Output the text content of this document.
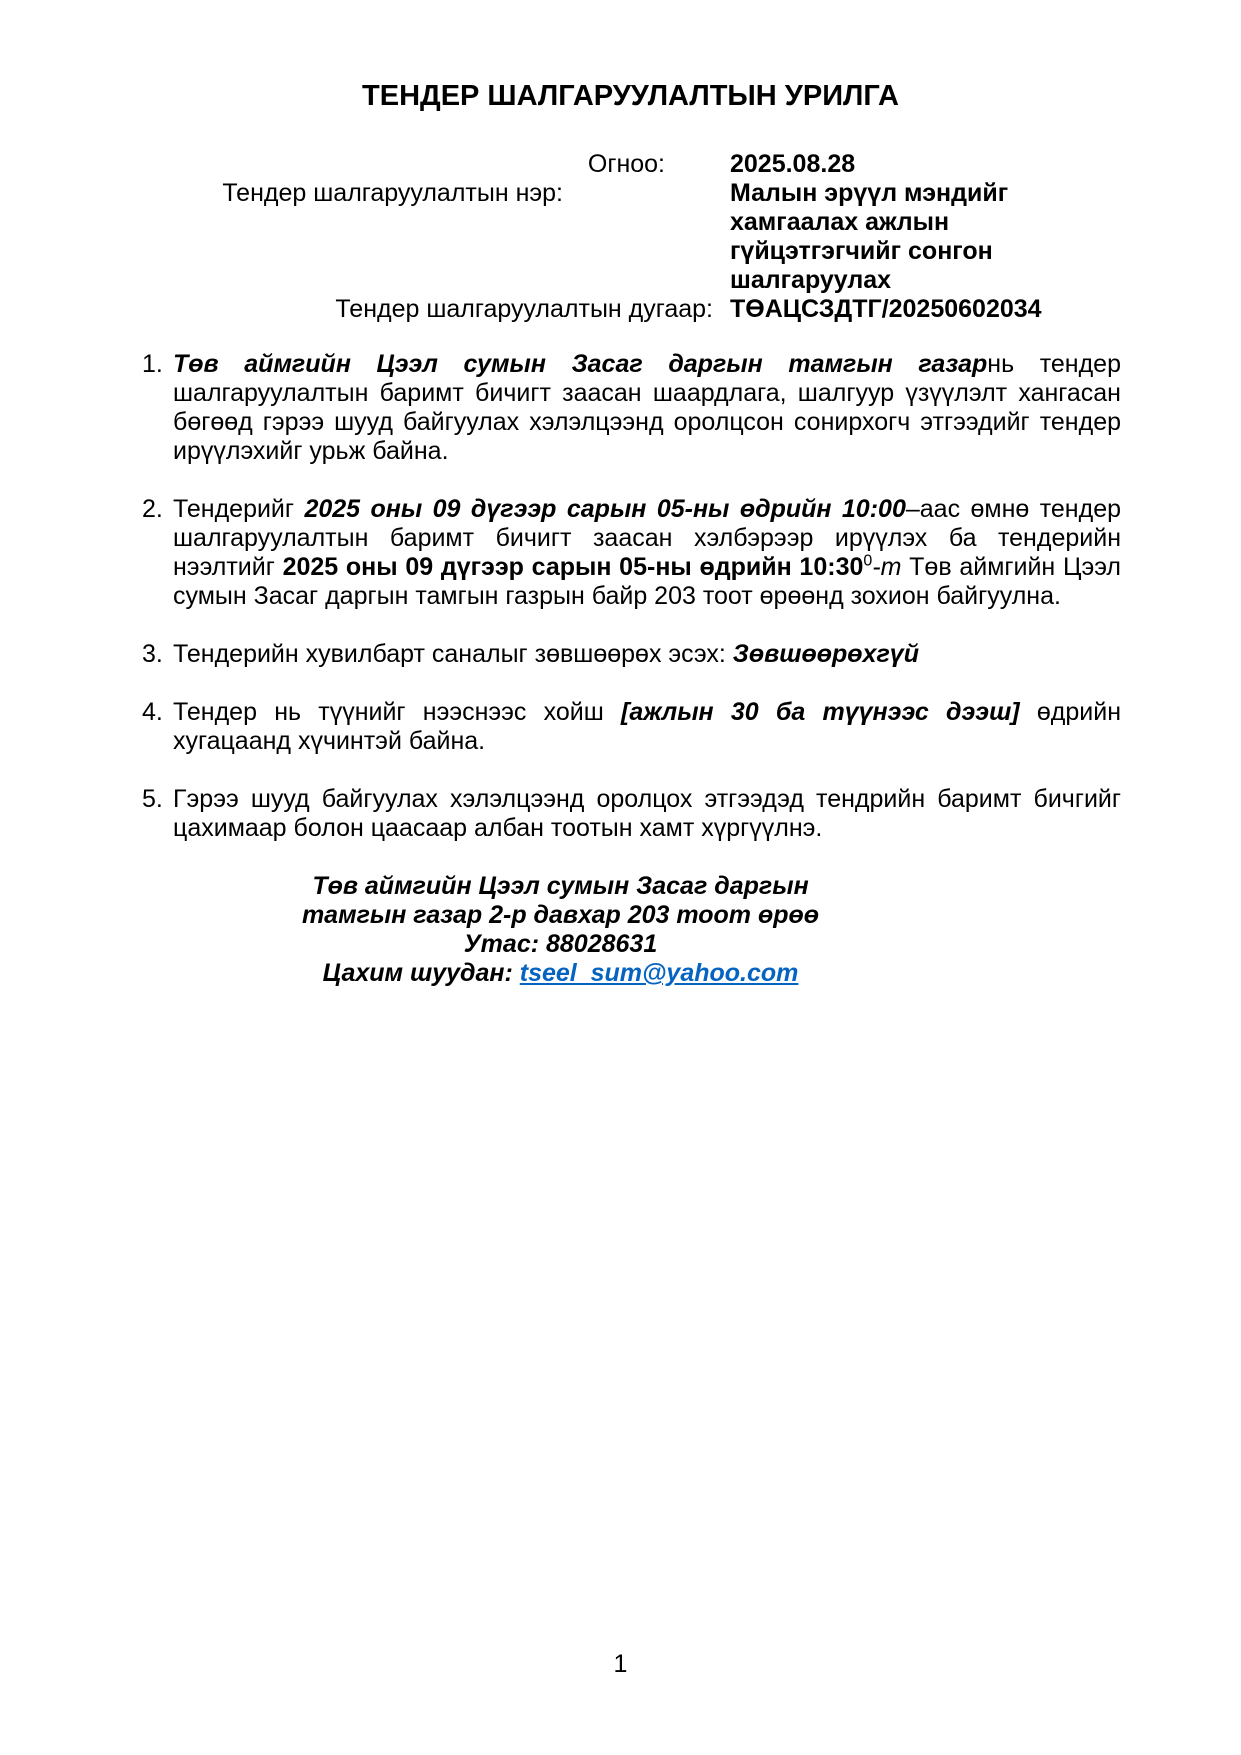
ТЕНДЕР ШАЛГАРУУЛАЛТЫН УРИЛГА
Огноо:	2025.08.28
Тендер шалгаруулалтын нэр:	Малын эрүүл мэндийг хамгаалах ажлын гүйцэтгэгчийг сонгон шалгаруулах
Тендер шалгаруулалтын дугаар: ТӨАЦСЗДТГ/20250602034
1. Төв аймгийн Цээл сумын Засаг даргын тамгын газарнь тендер шалгаруулалтын баримт бичигт заасан шаардлага, шалгуур үзүүлэлт хангасан бөгөөд гэрээ шууд байгуулах хэлэлцээнд оролцсон сонирхогч этгээдийг тендер ирүүлэхийг урьж байна.
2. Тендерийг 2025 оны 09 дүгээр сарын 05-ны өдрийн 10:00–аас өмнө тендер шалгаруулалтын баримт бичигт заасан хэлбэрээр ирүүлэх ба тендерийн нээлтийг 2025 оны 09 дүгээр сарын 05-ны өдрийн $10:30^0-т$ Төв аймгийн Цээл сумын Засаг даргын тамгын газрын байр 203 тоот өрөөнд зохион байгуулна.
3. Тендерийн хувилбарт саналыг зөвшөөрөх эсэх: Зөвшөөрөхгүй
4. Тендер нь түүнийг нээснээс хойш [ажлын 30 ба түүнээс дээш] өдрийн хугацаанд хүчинтэй байна.
5. Гэрээ шууд байгуулах хэлэлцээнд оролцох этгээдэд тендрийн баримт бичгийг цахимаар болон цаасаар албан тоотын хамт хүргүүлнэ.
Төв аймгийн Цээл сумын Засаг даргын
тамгын газар 2-р давхар 203 тоот өрөө
Утас: 88028631
Цахим шуудан: tseel_sum@yahoo.com
1
